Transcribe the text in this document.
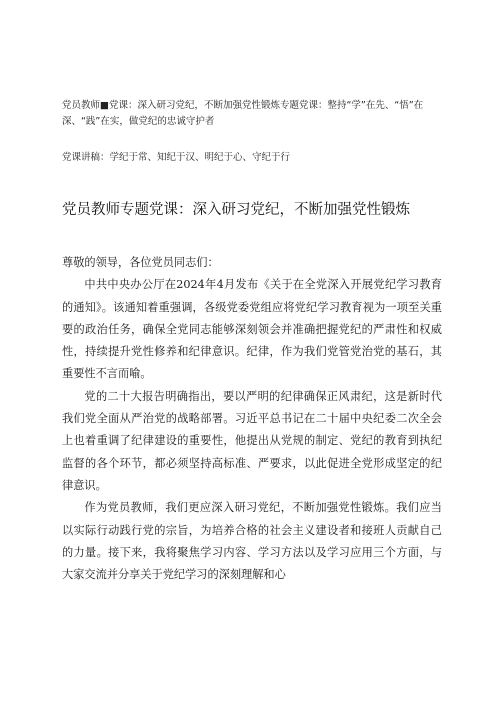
党员教师■党课：深入研习党纪，不断加强党性锻炼专题党课：整持“学”在先、“悟”在深、“践”在实，做党纪的忠诚守护者
党课讲稿：学纪于常、知纪于汉、明纪于心、守纪于行
党员教师专题党课：深入研习党纪，不断加强党性锻炼

尊敬的领导，各位党员同志们：

中共中央办公厅在2024年4月发布《关于在全党深入开展党纪学习教育的通知》。该通知着重强调，各级党委党组应将党纪学习教育视为一项至关重要的政治任务，确保全党同志能够深刻领会并准确把握党纪的严肃性和权威性，持续提升党性修养和纪律意识。纪律，作为我们党管党治党的基石，其重要性不言而喻。

党的二十大报告明确指出，要以严明的纪律确保正风肃纪，这是新时代我们党全面从严治党的战略部署。习近平总书记在二十届中央纪委二次全会上也着重调了纪律建设的重要性，他提出从党规的制定、党纪的教育到执纪监督的各个环节，都必须坚持高标准、严要求，以此促进全党形成坚定的纪律意识。

作为党员教师，我们更应深入研习党纪，不断加强党性锻炼。我们应当以实际行动践行党的宗旨，为培养合格的社会主义建设者和接班人贡献自己的力量。接下来，我将聚焦学习内容、学习方法以及学习应用三个方面，与大家交流并分享关于党纪学习的深刻理解和心
